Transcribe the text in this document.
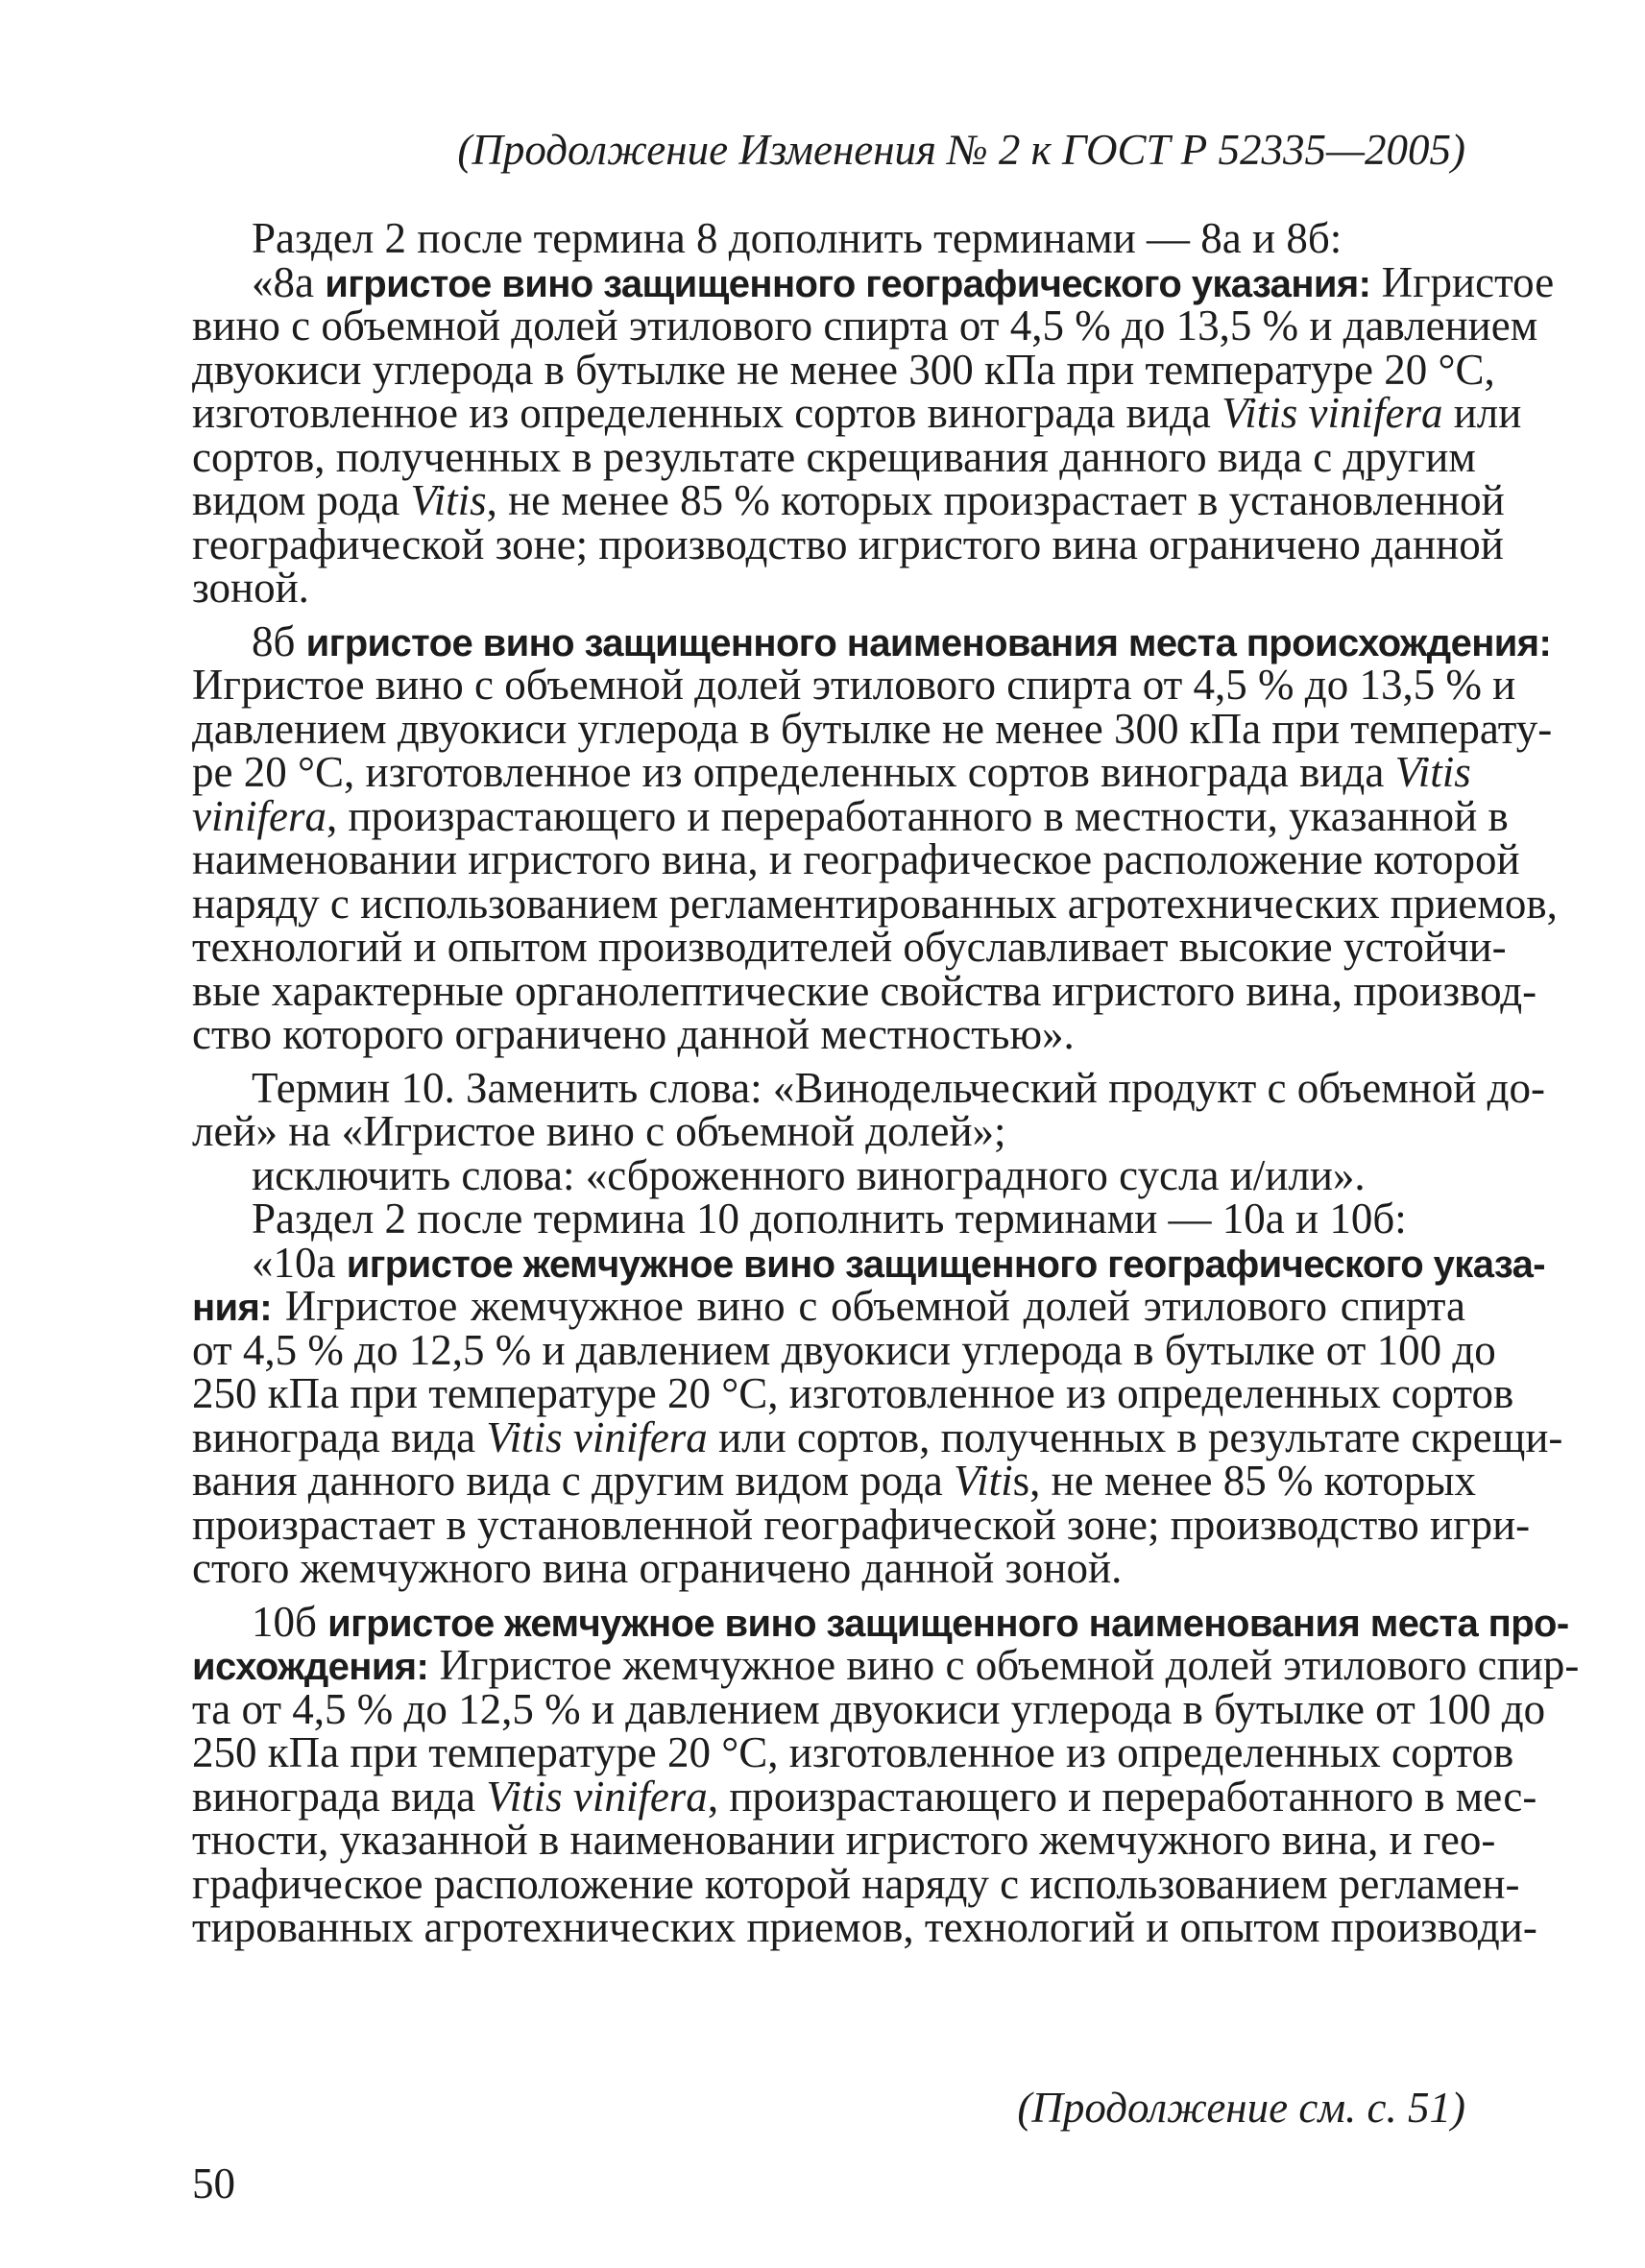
(Продолжение Изменения № 2 к ГОСТ Р 52335—2005)
Раздел 2 после термина 8 дополнить терминами — 8а и 8б:
«8а игристое вино защищенного географического указания: Игристое
вино с объемной долей этилового спирта от 4,5 % до 13,5 % и давлением
двуокиси углерода в бутылке не менее 300 кПа при температуре 20 °С,
изготовленное из определенных сортов винограда вида Vitis vinifera или
сортов, полученных в результате скрещивания данного вида с другим
видом рода Vitis, не менее 85 % которых произрастает в установленной
географической зоне; производство игристого вина ограничено данной
зоной.
8б игристое вино защищенного наименования места происхождения:
Игристое вино с объемной долей этилового спирта от 4,5 % до 13,5 % и
давлением двуокиси углерода в бутылке не менее 300 кПа при температу-
ре 20 °С, изготовленное из определенных сортов винограда вида Vitis
vinifera, произрастающего и переработанного в местности, указанной в
наименовании игристого вина, и географическое расположение которой
наряду с использованием регламентированных агротехнических приемов,
технологий и опытом производителей обуславливает высокие устойчи-
вые характерные органолептические свойства игристого вина, производ-
ство которого ограничено данной местностью».
Термин 10. Заменить слова: «Винодельческий продукт с объемной до-
лей» на «Игристое вино с объемной долей»;
исключить слова: «сброженного виноградного сусла и/или».
Раздел 2 после термина 10 дополнить терминами — 10а и 10б:
«10а игристое жемчужное вино защищенного географического указа-
ния: Игристое жемчужное вино с объемной долей этилового спирта
от 4,5 % до 12,5 % и давлением двуокиси углерода в бутылке от 100 до
250 кПа при температуре 20 °С, изготовленное из определенных сортов
винограда вида Vitis vinifera или сортов, полученных в результате скрещи-
вания данного вида с другим видом рода Vitis, не менее 85 % которых
произрастает в установленной географической зоне; производство игри-
стого жемчужного вина ограничено данной зоной.
10б игристое жемчужное вино защищенного наименования места про-
исхождения: Игристое жемчужное вино с объемной долей этилового спир-
та от 4,5 % до 12,5 % и давлением двуокиси углерода в бутылке от 100 до
250 кПа при температуре 20 °С, изготовленное из определенных сортов
винограда вида Vitis vinifera, произрастающего и переработанного в мес-
тности, указанной в наименовании игристого жемчужного вина, и гео-
графическое расположение которой наряду с использованием регламен-
тированных агротехнических приемов, технологий и опытом производи-
(Продолжение см. с. 51)
50
